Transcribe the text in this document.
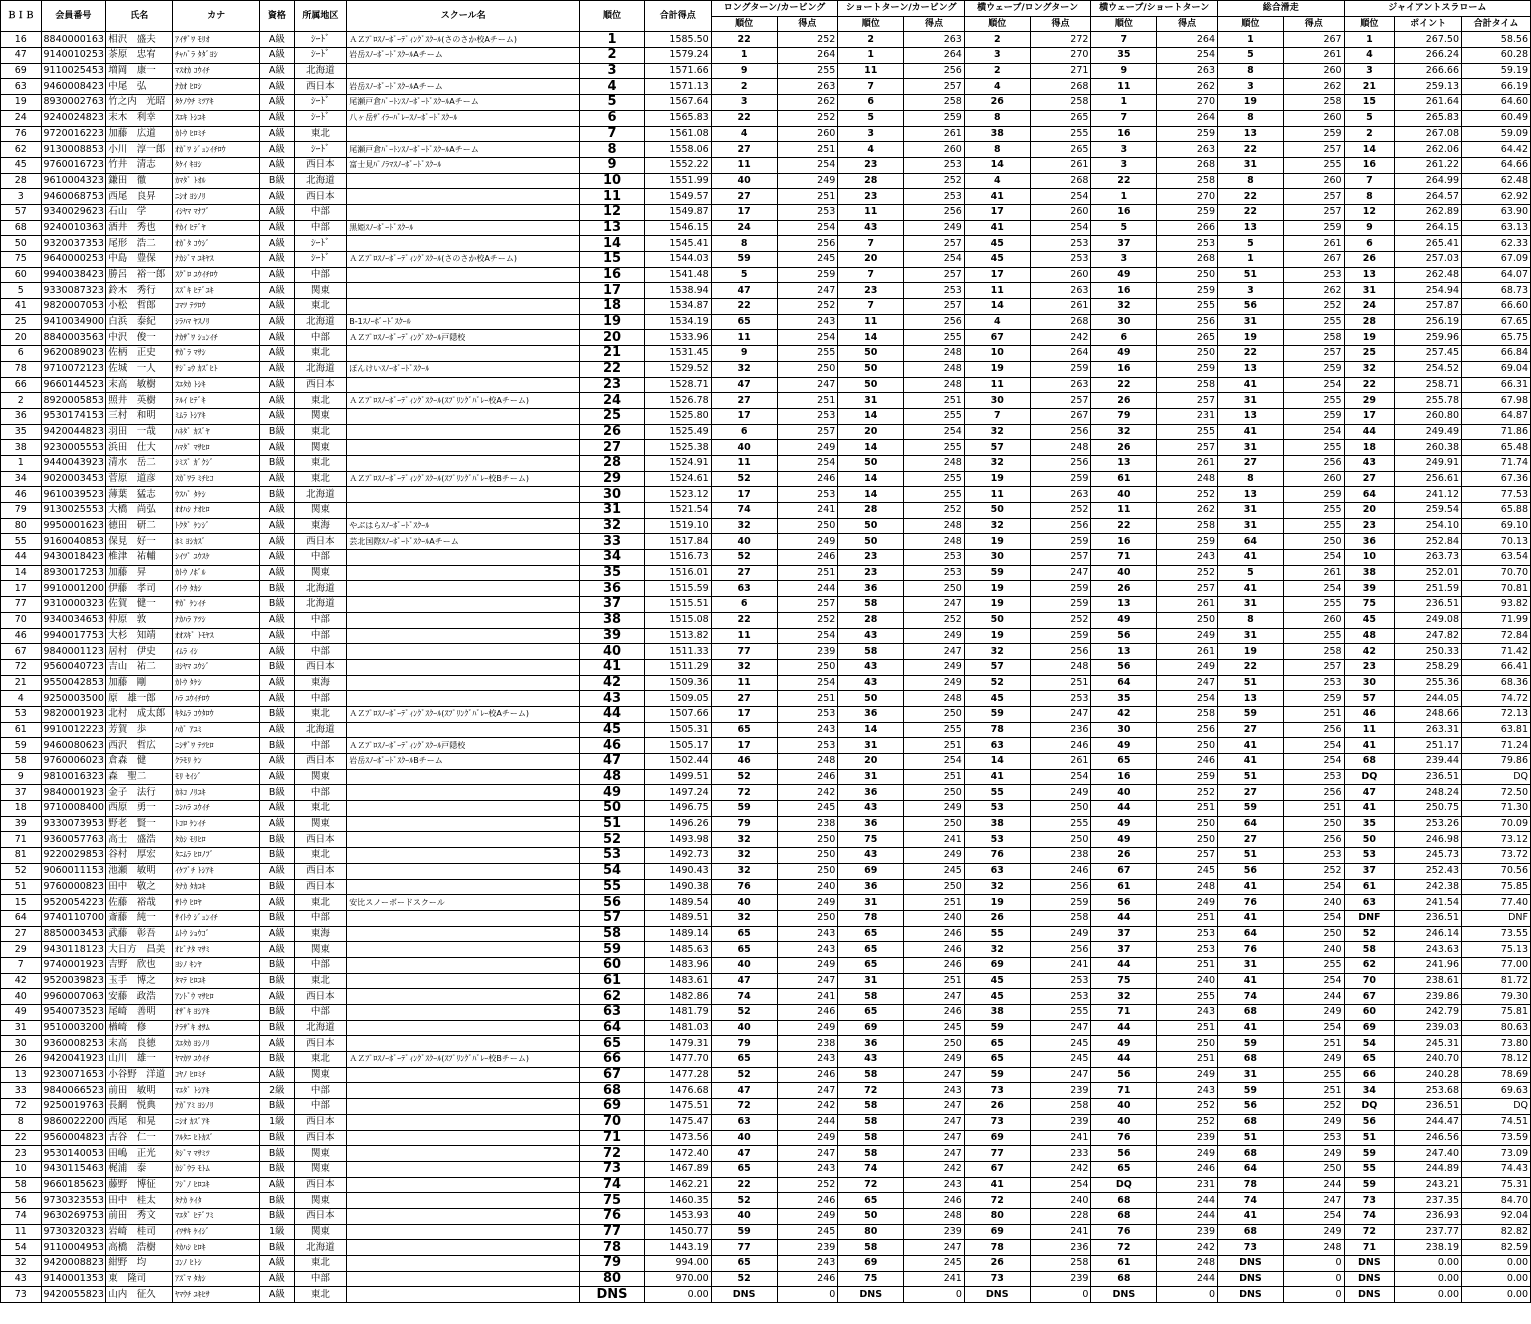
ＢＩＢ	会員番号	氏名	カナ	資格	所属地区	スクール名	順位	合計得点	ロングターン/カービング		ショートターン/カービング		横ウェーブ/ロングターン		横ウェーブ/ショートターン		総合滑走		ジャイアントスラローム		
									順位	得点	順位	得点	順位	得点	順位	得点	順位	得点	順位	ポイント	合計タイム
16	8840000163	相沢　盛夫	ｱｲｻﾞﾜ ﾓﾘｵ	A級	ｼｰﾄﾞ	ＡＺﾌﾟﾛｽﾉｰﾎﾞｰﾃﾞｨﾝｸﾞｽｸｰﾙ(さのさか校Aチーム)	1	1585.50	22	252	2	263	2	272	7	264	1	267	1	267.50	58.56
47	9140010253	茶原　忠宥	ﾁｬﾊﾞﾗ ﾀﾀﾞﾖｼ	A級	ｼｰﾄﾞ	岩岳ｽﾉｰﾎﾞｰﾄﾞｽｸｰﾙAチーム	2	1579.24	1	264	1	264	3	270	35	254	5	261	4	266.24	60.28
69	9110025453	増岡　康一	ﾏｽｵｶ ｺｳｲﾁ	A級	北海道		3	1571.66	9	255	11	256	2	271	9	263	8	260	3	266.66	59.19
63	9460008423	中尾　弘	ﾅｶｵ ﾋﾛｼ	A級	西日本	岩岳ｽﾉｰﾎﾞｰﾄﾞｽｸｰﾙAチーム	4	1571.13	2	263	7	257	4	268	11	262	3	262	21	259.13	66.19
19	8930002763	竹之内　光昭	ﾀｹﾉｳﾁ ﾐﾂｱｷ	A級	ｼｰﾄﾞ	尾瀬戸倉ﾊﾞｰﾄﾝｽﾉｰﾎﾞｰﾄﾞｽｸｰﾙAチーム	5	1567.64	3	262	6	258	26	258	1	270	19	258	15	261.64	64.60
24	9240024823	末木　利幸	ｽｴｷ ﾄｼﾕｷ	A級	ｼｰﾄﾞ	八ヶ岳ｻﾞｲﾗｰﾊﾞﾚｰｽﾉｰﾎﾞｰﾄﾞｽｸｰﾙ	6	1565.83	22	252	5	259	8	265	7	264	8	260	5	265.83	60.49
76	9720016223	加藤　広道	ｶﾄｳ ﾋﾛﾐﾁ	A級	東北		7	1561.08	4	260	3	261	38	255	16	259	13	259	2	267.08	59.09
62	9130008853	小川　淳一郎	ｵｶﾞﾜ ｼﾞｭﾝｲﾁﾛｳ	A級	ｼｰﾄﾞ	尾瀬戸倉ﾊﾞｰﾄﾝｽﾉｰﾎﾞｰﾄﾞｽｸｰﾙAチーム	8	1558.06	27	251	4	260	8	265	3	263	22	257	14	262.06	64.42
45	9760016723	竹井　清志	ﾀｹｲ ｷﾖｼ	A級	西日本	富士見ﾊﾟﾉﾗﾏｽﾉｰﾎﾞｰﾄﾞｽｸｰﾙ	9	1552.22	11	254	23	253	14	261	3	268	31	255	16	261.22	64.66
28	9610004323	鎌田　徹	ｶﾏﾀﾞ ﾄｵﾙ	B級	北海道		10	1551.99	40	249	28	252	4	268	22	258	8	260	7	264.99	62.48
3	9460068753	西尾　良昇	ﾆｼｵ ﾖｼﾉﾘ	A級	西日本		11	1549.57	27	251	23	253	41	254	1	270	22	257	8	264.57	62.92
57	9340029623	石山　学	ｲｼﾔﾏ ﾏﾅﾌﾞ	A級	中部		12	1549.87	17	253	11	256	17	260	16	259	22	257	12	262.89	63.90
68	9240010363	酒井　秀也	ｻｶｲ ﾋﾃﾞﾔ	A級	中部	黒姫ｽﾉｰﾎﾞｰﾄﾞｽｸｰﾙ	13	1546.15	24	254	43	249	41	254	5	266	13	259	9	264.15	63.13
50	9320037353	尾形　浩二	ｵｶﾞﾀ ｺｳｼﾞ	A級	ｼｰﾄﾞ		14	1545.41	8	256	7	257	45	253	37	253	5	261	6	265.41	62.33
75	9640000253	中島　豊保	ﾅｶｼﾞﾏ ﾕｷﾔｽ	A級	ｼｰﾄﾞ	ＡＺﾌﾟﾛｽﾉｰﾎﾞｰﾃﾞｨﾝｸﾞｽｸｰﾙ(さのさか校Aチーム)	15	1544.03	59	245	20	254	45	253	3	268	1	267	26	257.03	67.09
60	9940038423	勝呂　裕一郎	ｽｸﾞﾛ ﾕｳｲﾁﾛｳ	A級	中部		16	1541.48	5	259	7	257	17	260	49	250	51	253	13	262.48	64.07
5	9330087323	鈴木　秀行	ｽｽﾞｷ ﾋﾃﾞﾕｷ	A級	関東		17	1538.94	47	247	23	253	11	263	16	259	3	262	31	254.94	68.73
41	9820007053	小松　哲郎	ｺﾏﾂ ﾃﾂﾛｳ	A級	東北		18	1534.87	22	252	7	257	14	261	32	255	56	252	24	257.87	66.60
25	9410034900	白浜　泰紀	ｼﾗﾊﾏ ﾔｽﾉﾘ	A級	北海道	B-1ｽﾉｰﾎﾞｰﾄﾞｽｸｰﾙ	19	1534.19	65	243	11	256	4	268	30	256	31	255	28	256.19	67.65
20	8840003563	中沢　俊一	ﾅｶｻﾞﾜ ｼｭﾝｲﾁ	A級	中部	ＡＺﾌﾟﾛｽﾉｰﾎﾞｰﾃﾞｨﾝｸﾞｽｸｰﾙ戸隠校	20	1533.96	11	254	14	255	67	242	6	265	19	258	19	259.96	65.75
6	9620089023	佐柄　正史	ｻｶﾞﾗ ﾏｻｼ	A級	東北		21	1531.45	9	255	50	248	10	264	49	250	22	257	25	257.45	66.84
78	9710072123	佐城　一人	ｻｼﾞｮｳ ｶｽﾞﾋﾄ	A級	北海道	ぽんけいｽﾉｰﾎﾞｰﾄﾞｽｸｰﾙ	22	1529.52	32	250	50	248	19	259	16	259	13	259	32	254.52	69.04
66	9660144523	末高　敏樹	ｽｴﾀｶ ﾄｼｷ	A級	西日本		23	1528.71	47	247	50	248	11	263	22	258	41	254	22	258.71	66.31
2	8920005853	照井　英樹	ﾃﾙｲ ﾋﾃﾞｷ	A級	東北	ＡＺﾌﾟﾛｽﾉｰﾎﾞｰﾃﾞｨﾝｸﾞｽｸｰﾙ(ｽﾌﾟﾘﾝｸﾞﾊﾞﾚｰ校Aチーム)	24	1526.78	27	251	31	251	30	257	26	257	31	255	29	255.78	67.98
36	9530174153	三村　和明	ﾐﾑﾗ ﾄｼｱｷ	A級	関東		25	1525.80	17	253	14	255	7	267	79	231	13	259	17	260.80	64.87
35	9420044823	羽田　一哉	ﾊﾈﾀﾞ ｶｽﾞﾔ	B級	東北		26	1525.49	6	257	20	254	32	256	32	255	41	254	44	249.49	71.86
38	9230005553	浜田　仕大	ﾊﾏﾀﾞ ﾏｻﾋﾛ	A級	関東		27	1525.38	40	249	14	255	57	248	26	257	31	255	18	260.38	65.48
1	9440043923	清水　岳二	ｼﾐｽﾞ ｶﾞｸｼﾞ	B級	東北		28	1524.91	11	254	50	248	32	256	13	261	27	256	43	249.91	71.74
34	9020003453	菅原　道彦	ｽｶﾞﾜﾗ ﾐﾁﾋｺ	A級	東北	ＡＺﾌﾟﾛｽﾉｰﾎﾞｰﾃﾞｨﾝｸﾞｽｸｰﾙ(ｽﾌﾟﾘﾝｸﾞﾊﾞﾚｰ校Bチーム)	29	1524.61	52	246	14	255	19	259	61	248	8	260	27	256.61	67.36
46	9610039523	薄葉　猛志	ｳｽﾊﾞ ﾀｹｼ	B級	北海道		30	1523.12	17	253	14	255	11	263	40	252	13	259	64	241.12	77.53
79	9130025553	大橋　尚弘	ｵｵﾊｼ ﾅｵﾋﾛ	A級	関東		31	1521.54	74	241	28	252	50	252	11	262	31	255	20	259.54	65.88
80	9950001623	徳田　研二	ﾄｸﾀﾞ ｹﾝｼﾞ	A級	東海	やぶはらｽﾉｰﾎﾞｰﾄﾞｽｸｰﾙ	32	1519.10	32	250	50	248	32	256	22	258	31	255	23	254.10	69.10
55	9160040853	保見　好一	ﾎﾐ ﾖｼｶｽﾞ	A級	西日本	芸北国際ｽﾉｰﾎﾞｰﾄﾞｽｸｰﾙAチーム	33	1517.84	40	249	50	248	19	259	16	259	64	250	36	252.84	70.13
44	9430018423	椎津　祐輔	ｼｲﾂﾞ ﾕｳｽｹ	A級	中部		34	1516.73	52	246	23	253	30	257	71	243	41	254	10	263.73	63.54
14	8930017253	加藤　昇	ｶﾄｳ ﾉﾎﾞﾙ	A級	関東		35	1516.01	27	251	23	253	59	247	40	252	5	261	38	252.01	70.70
17	9910001200	伊藤　孝司	ｲﾄｳ ﾀｶｼ	B級	北海道		36	1515.59	63	244	36	250	19	259	26	257	41	254	39	251.59	70.81
77	9310000323	佐賀　健一	ｻｶﾞ ｹﾝｲﾁ	B級	北海道		37	1515.51	6	257	58	247	19	259	13	261	31	255	75	236.51	93.82
70	9340034653	仲原　敦	ﾅｶﾊﾗ ｱﾂｼ	A級	中部		38	1515.08	22	252	28	252	50	252	49	250	8	260	45	249.08	71.99
46	9940017753	大杉　知靖	ｵｵｽｷﾞ ﾄﾓﾔｽ	A級	中部		39	1513.82	11	254	43	249	19	259	56	249	31	255	48	247.82	72.84
67	9840001123	居村　伊史	ｲﾑﾗ ｲｼ	A級	中部		40	1511.33	77	239	58	247	32	256	13	261	19	258	42	250.33	71.42
72	9560040723	吉山　祐二	ﾖｼﾔﾏ ﾕｳｼﾞ	B級	西日本		41	1511.29	32	250	43	249	57	248	56	249	22	257	23	258.29	66.41
21	9550042853	加藤　剛	ｶﾄｳ ﾀｹｼ	A級	東海		42	1509.36	11	254	43	249	52	251	64	247	51	253	30	255.36	68.36
4	9250003500	原　雄一郎	ﾊﾗ ﾕｳｲﾁﾛｳ	A級	中部		43	1509.05	27	251	50	248	45	253	35	254	13	259	57	244.05	74.72
53	9820001923	北村　成太郎	ｷﾀﾑﾗ ｺｳﾀﾛｳ	B級	東北	ＡＺﾌﾟﾛｽﾉｰﾎﾞｰﾃﾞｨﾝｸﾞｽｸｰﾙ(ｽﾌﾟﾘﾝｸﾞﾊﾞﾚｰ校Aチーム)	44	1507.66	17	253	36	250	59	247	42	258	59	251	46	248.66	72.13
61	9910012223	芳賀　歩	ﾊｶﾞ ｱﾕﾐ	A級	北海道		45	1505.31	65	243	14	255	78	236	30	256	27	256	11	263.31	63.81
59	9460080623	西沢　哲広	ﾆｼｻﾞﾜ ﾃﾂﾋﾛ	B級	中部	ＡＺﾌﾟﾛｽﾉｰﾎﾞｰﾃﾞｨﾝｸﾞｽｸｰﾙ戸隠校	46	1505.17	17	253	31	251	63	246	49	250	41	254	41	251.17	71.24
58	9760006023	倉森　健	ｸﾗﾓﾘ ｹﾝ	A級	西日本	岩岳ｽﾉｰﾎﾞｰﾄﾞｽｸｰﾙBチーム	47	1502.44	46	248	20	254	14	261	65	246	41	254	68	239.44	79.86
9	9810016323	森　聖二	ﾓﾘ ｾｲｼﾞ	A級	関東		48	1499.51	52	246	31	251	41	254	16	259	51	253	DQ	236.51	DQ
37	9840001923	金子　法行	ｶﾈｺ ﾉﾘﾕｷ	B級	中部		49	1497.24	72	242	36	250	55	249	40	252	27	256	47	248.24	72.50
18	9710008400	西原　勇一	ﾆｼﾊﾗ ﾕｳｲﾁ	A級	東北		50	1496.75	59	245	43	249	53	250	44	251	59	251	41	250.75	71.30
39	9330073953	野老　賢一	ﾄｺﾛ ｹﾝｲﾁ	A級	関東		51	1496.26	79	238	36	250	38	255	49	250	64	250	35	253.26	70.09
71	9360057763	高士　盛浩	ﾀｶｼ ﾓﾘﾋﾛ	B級	西日本		52	1493.98	32	250	75	241	53	250	49	250	27	256	50	246.98	73.12
81	9220029853	谷村　厚宏	ﾀﾆﾑﾗ ﾋﾛﾉﾌﾞ	B級	東北		53	1492.73	32	250	43	249	76	238	26	257	51	253	53	245.73	73.72
52	9060011153	池瀬　敏明	ｲｹﾌﾞﾁ ﾄｼｱｷ	A級	西日本		54	1490.43	32	250	69	245	63	246	67	245	56	252	37	252.43	70.56
51	9760000823	田中　敬之	ﾀﾅｶ ﾀｶﾕｷ	B級	西日本		55	1490.38	76	240	36	250	32	256	61	248	41	254	61	242.38	75.85
15	9520054223	佐藤　裕哉	ｻﾄｳ ﾋﾛﾔ	A級	東北	安比スノーボードスクール	56	1489.54	40	249	31	251	19	259	56	249	76	240	63	241.54	77.40
64	9740110700	斎藤　純一	ｻｲﾄｳ ｼﾞｭﾝｲﾁ	B級	中部		57	1489.51	32	250	78	240	26	258	44	251	41	254	DNF	236.51	DNF
27	8850003453	武藤　彰吾	ﾑﾄｳ ｼｮｳｺﾞ	A級	東海		58	1489.14	65	243	65	246	55	249	37	253	64	250	52	246.14	73.55
29	9430118123	大日方　昌美	ｵﾋﾞﾅﾀ ﾏｻﾐ	A級	関東		59	1485.63	65	243	65	246	32	256	37	253	76	240	58	243.63	75.13
7	9740001923	吉野　欣也	ﾖｼﾉ ｷﾝﾔ	B級	中部		60	1483.96	40	249	65	246	69	241	44	251	31	255	62	241.96	77.00
42	9520039823	玉手　博之	ﾀﾏﾃ ﾋﾛﾕｷ	B級	東北		61	1483.61	47	247	31	251	45	253	75	240	41	254	70	238.61	81.72
40	9960007063	安藤　政浩	ｱﾝﾄﾞｳ ﾏｻﾋﾛ	A級	西日本		62	1482.86	74	241	58	247	45	253	32	255	74	244	67	239.86	79.30
49	9540073523	尾崎　善明	ｵｻﾞｷ ﾖｼｱｷ	B級	中部		63	1481.79	52	246	65	246	38	255	71	243	68	249	60	242.79	75.81
31	9510003200	楢崎　修	ﾅﾗｻﾞｷ ｵｻﾑ	B級	北海道		64	1481.03	40	249	69	245	59	247	44	251	41	254	69	239.03	80.63
30	9360008253	末高　良徳	ｽｴﾀｶ ﾖｼﾉﾘ	A級	西日本		65	1479.31	79	238	36	250	65	245	49	250	59	251	54	245.31	73.80
26	9420041923	山川　雄一	ﾔﾏｶﾜ ﾕｳｲﾁ	B級	東北	ＡＺﾌﾟﾛｽﾉｰﾎﾞｰﾃﾞｨﾝｸﾞｽｸｰﾙ(ｽﾌﾟﾘﾝｸﾞﾊﾞﾚｰ校Bチーム)	66	1477.70	65	243	43	249	65	245	44	251	68	249	65	240.70	78.12
13	9230071653	小谷野　洋道	ｺﾔﾉ ﾋﾛﾐﾁ	A級	関東		67	1477.28	52	246	58	247	59	247	56	249	31	255	66	240.28	78.69
33	9840066523	前田　敏明	ﾏｴﾀﾞ ﾄｼｱｷ	2級	中部		68	1476.68	47	247	72	243	73	239	71	243	59	251	34	253.68	69.63
72	9250019763	長網　悦典	ﾅｶﾞｱﾐ ﾖｼﾉﾘ	B級	中部		69	1475.51	72	242	58	247	26	258	40	252	56	252	DQ	236.51	DQ
8	9860022200	西尾　和晃	ﾆｼｵ ｶｽﾞｱｷ	1級	西日本		70	1475.47	63	244	58	247	73	239	40	252	68	249	56	244.47	74.51
22	9560004823	古谷　仁一	ﾌﾙﾀﾆ ﾋﾄｶｽﾞ	B級	西日本		71	1473.56	40	249	58	247	69	241	76	239	51	253	51	246.56	73.59
23	9530140053	田嶋　正光	ﾀｼﾞﾏ ﾏｻﾐﾂ	B級	関東		72	1472.40	47	247	58	247	77	233	56	249	68	249	59	247.40	73.09
10	9430115463	梶浦　泰	ｶｼﾞｳﾗ ﾓﾄﾑ	B級	関東		73	1467.89	65	243	74	242	67	242	65	246	64	250	55	244.89	74.43
58	9660185623	藤野　博征	ﾌｼﾞﾉ ﾋﾛﾕｷ	A級	西日本		74	1462.21	22	252	72	243	41	254	DQ	231	78	244	59	243.21	75.31
56	9730323553	田中　桂太	ﾀﾅｶ ｹｲﾀ	B級	関東		75	1460.35	52	246	65	246	72	240	68	244	74	247	73	237.35	84.70
74	9630269753	前田　秀文	ﾏｴﾀﾞ ﾋﾃﾞﾌﾐ	B級	西日本		76	1453.93	40	249	50	248	80	228	68	244	41	254	74	236.93	92.04
11	9730320323	岩崎　桂司	ｲﾜｻｷ ｹｲｼﾞ	1級	関東		77	1450.77	59	245	80	239	69	241	76	239	68	249	72	237.77	82.82
54	9110004953	高橋　浩樹	ﾀｶﾊｼ ﾋﾛｷ	B級	北海道		78	1443.19	77	239	58	247	78	236	72	242	73	248	71	238.19	82.59
32	9420008823	紺野　均	ｺﾝﾉ ﾋﾄｼ	A級	東北		79	994.00	65	243	69	245	26	258	61	248	DNS	0	DNS	0.00	0.00
43	9140001353	東　隆司	ｱｽﾞﾏ ﾀｶｼ	A級	中部		80	970.00	52	246	75	241	73	239	68	244	DNS	0	DNS	0.00	0.00
73	9420055823	山内　征久	ﾔﾏｳﾁ ﾕｷﾋｻ	A級	東北		DNS	0.00	DNS	0	DNS	0	DNS	0	DNS	0	DNS	0	DNS	0.00	0.00
